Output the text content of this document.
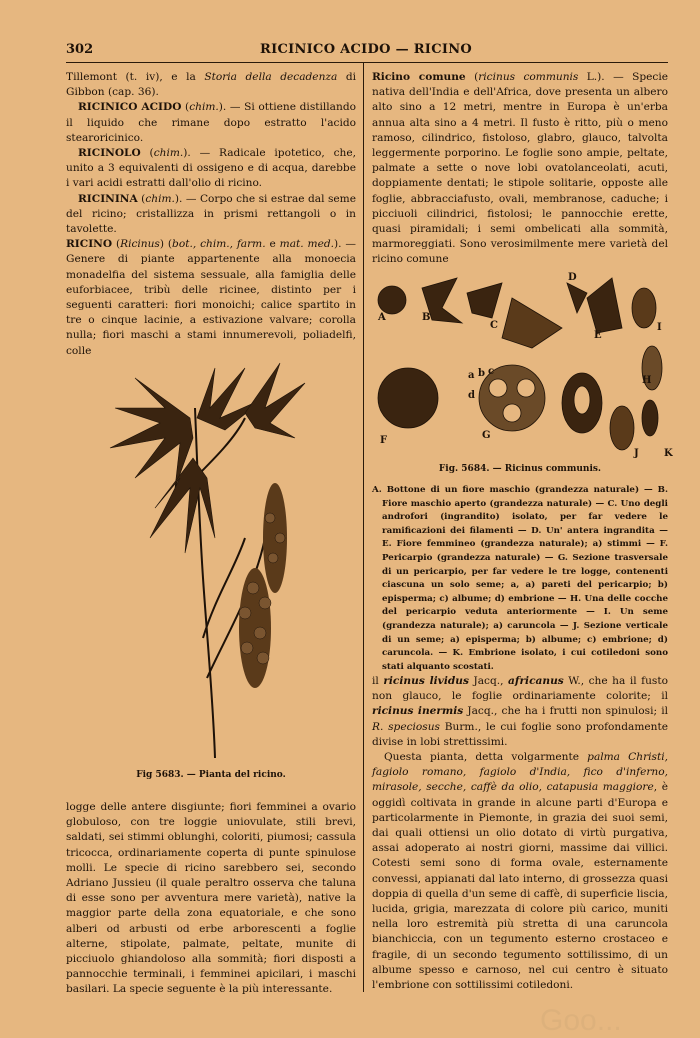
302	RICINICO ACIDO — RICINO

Tillemont (t. iv), e la Storia della decadenza di Gibbon (cap. 36).

RICINICO ACIDO (chim.). — Si ottiene distillando il liquido che rimane dopo estratto l'acido stearoricinico.

RICINOLO (chim.). — Radicale ipotetico, che, unito a 3 equivalenti di ossigeno e di acqua, darebbe i vari acidi estratti dall'olio di ricino.

RICININA (chim.). — Corpo che si estrae dal seme del ricino; cristallizza in prismi rettangoli o in tavolette.

RICINO (Ricinus) (bot., chim., farm. e mat. med.). — Genere di piante appartenente alla monoecia monadelfia del sistema sessuale, alla famiglia delle euforbiacee, tribù delle ricinee, distinto per i seguenti caratteri: fiori monoichi; calice spartito in tre o cinque lacinie, a estivazione valvare; corolla nulla; fiori maschi a stami innumerevoli, poliadelfi, colle

Fig 5683. — Pianta del ricino.

logge delle antere disgiunte; fiori femminei a ovario globuloso, con tre loggie uniovulate, stili brevi, saldati, sei stimmi oblunghi, coloriti, piumosi; cassula tricocca, ordinariamente coperta di punte spinulose molli. Le specie di ricino sarebbero sei, secondo Adriano Jussieu (il quale peraltro osserva che taluna di esse sono per avventura mere varietà), native la maggior parte della zona equatoriale, e che sono alberi od arbusti od erbe arborescenti a foglie alterne, stipolate, palmate, peltate, munite di picciuolo ghiandoloso alla sommità; fiori disposti a pannocchie terminali, i femminei apicilari, i maschi basilari. La specie seguente è la più interessante.

Ricino comune (ricinus communis L.). — Specie nativa dell'India e dell'Africa, dove presenta un albero alto sino a 12 metri, mentre in Europa è un'erba annua alta sino a 4 metri. Il fusto è ritto, più o meno ramoso, cilindrico, fistoloso, glabro, glauco, talvolta leggermente porporino. Le foglie sono ampie, peltate, palmate a sette o nove lobi ovatolanceolati, acuti, doppiamente dentati; le stipole solitarie, opposte alle foglie, abbracciafusto, ovali, membranose, caduche; i picciuoli cilindrici, fistolosi; le pannocchie erette, quasi piramidali; i semi ombelicati alla sommità, marmoreggiati. Sono verosimilmente mere varietà del ricino comune

A	B
C
D
E
F	G
H
I
J	K
a b c
d
Fig. 5684. — Ricinus communis.

A. Bottone di un fiore maschio (grandezza naturale) — B. Fiore maschio aperto (grandezza naturale) — C. Uno degli androfori (ingrandito) isolato, per far vedere le ramificazioni dei filamenti — D. Un' antera ingrandita — E. Fiore femmineo (grandezza naturale); a) stimmi — F. Pericarpio (grandezza naturale) — G. Sezione trasversale di un pericarpio, per far vedere le tre logge, contenenti ciascuna un solo seme; a, a) pareti del pericarpio; b) episperma; c) albume; d) embrione — H. Una delle cocche del pericarpio veduta anteriormente — I. Un seme (grandezza naturale); a) caruncola — J. Sezione verticale di un seme; a) episperma; b) albume; c) embrione; d) caruncola. — K. Embrione isolato, i cui cotiledoni sono stati alquanto scostati.

il ricinus lividus Jacq., africanus W., che ha il fusto non glauco, le foglie ordinariamente colorite; il ricinus inermis Jacq., che ha i frutti non spinulosi; il R. speciosus Burm., le cui foglie sono profondamente divise in lobi strettissimi.

Questa pianta, detta volgarmente palma Christi, fagiolo romano, fagiolo d'India, fico d'inferno, mirasole, secche, caffè da olio, catapusia maggiore, è oggidì coltivata in grande in alcune parti d'Europa e particolarmente in Piemonte, in grazia dei suoi semi, dai quali ottiensi un olio dotato di virtù purgativa, assai adoperato ai nostri giorni, massime dai villici. Cotesti semi sono di forma ovale, esternamente convessi, appianati dal lato interno, di grossezza quasi doppia di quella d'un seme di caffè, di superficie liscia, lucida, grigia, marezzata di colore più carico, muniti nella loro estremità più stretta di una caruncola bianchiccia, con un tegumento esterno crostaceo e fragile, di un secondo tegumento sottilissimo, di un albume spesso e carnoso, nel cui centro è situato l'embrione con sottilissimi cotiledoni.

Goo...
